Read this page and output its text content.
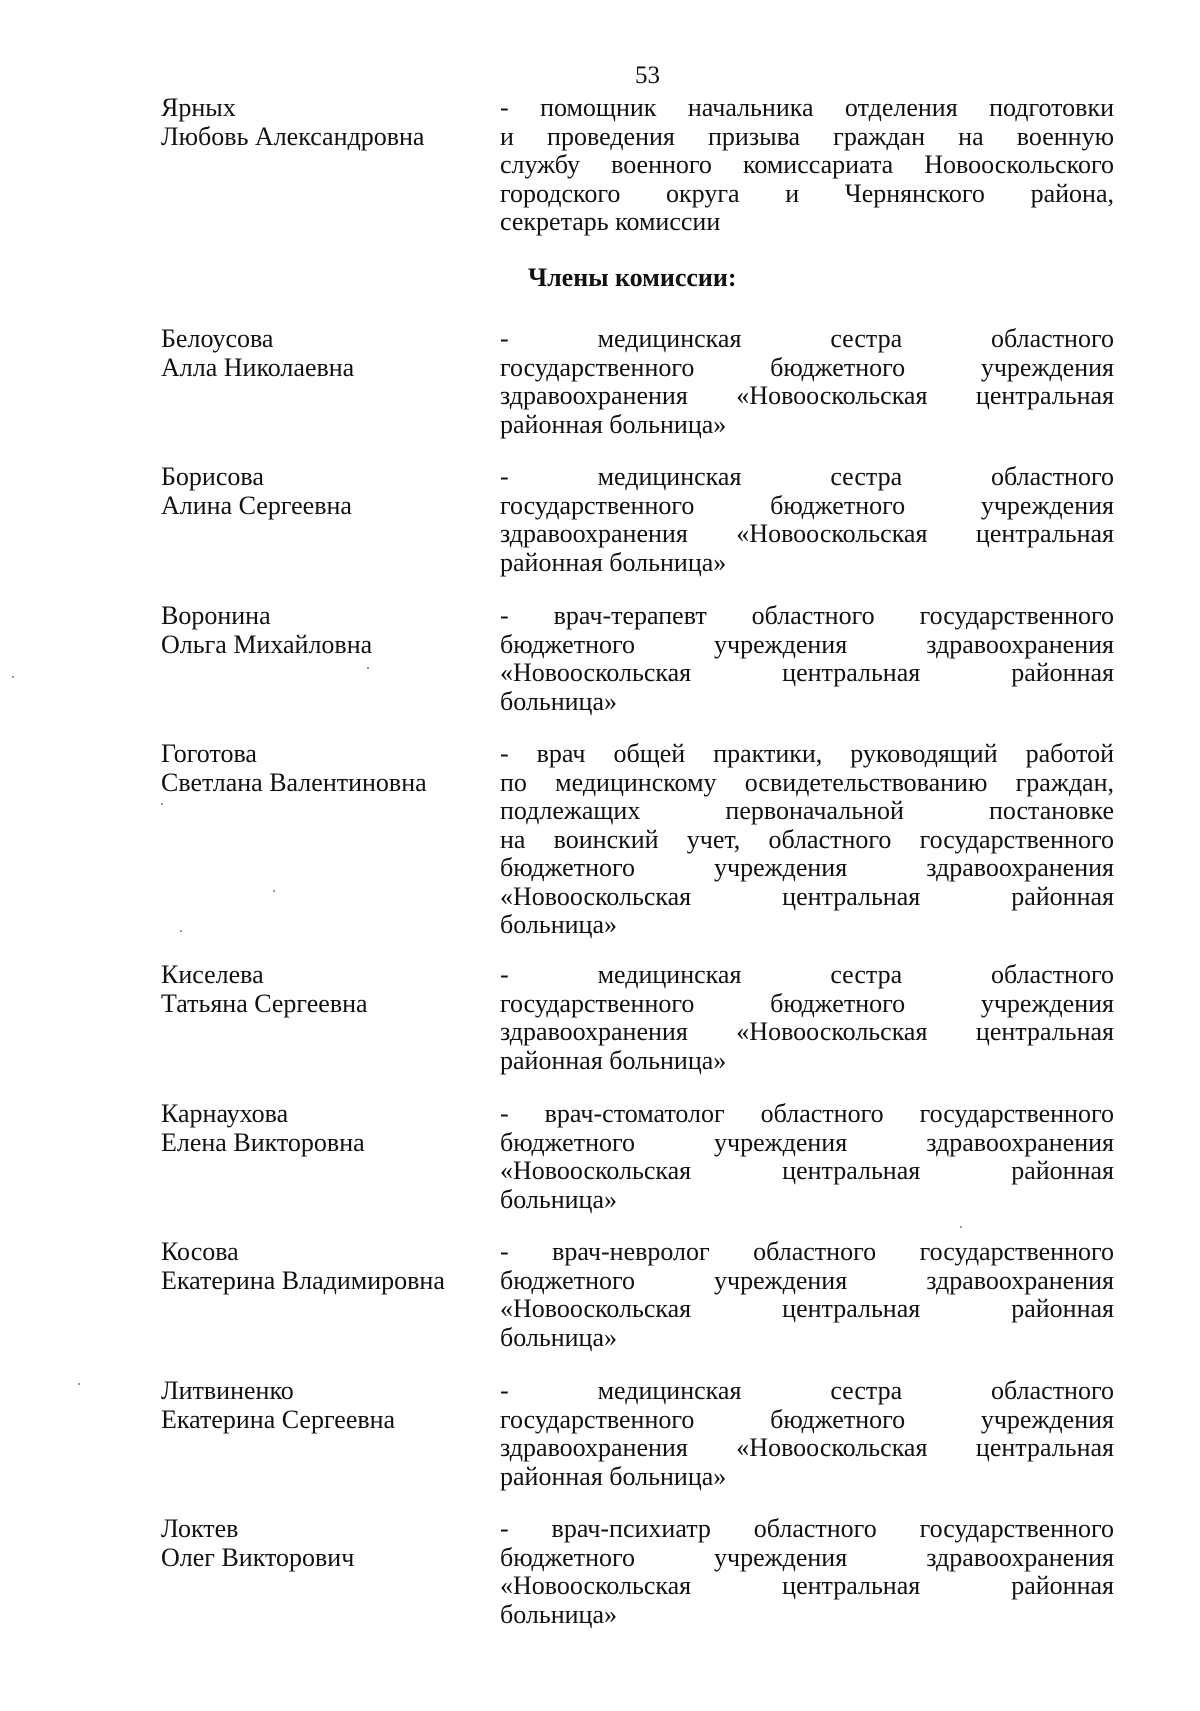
53
Ярных
Любовь Александровна
- помощник начальника отделения подготовки
и проведения призыва граждан на военную
службу военного комиссариата Новооскольского
городского округа и Чернянского района,
секретарь комиссии
Члены комиссии:
Белоусова
Алла Николаевна
- медицинская сестра областного
государственного бюджетного учреждения
здравоохранения «Новооскольская центральная
районная больница»
Борисова
Алина Сергеевна
- медицинская сестра областного
государственного бюджетного учреждения
здравоохранения «Новооскольская центральная
районная больница»
Воронина
Ольга Михайловна
- врач-терапевт областного государственного
бюджетного учреждения здравоохранения
«Новооскольская центральная районная
больница»
Гоготова
Светлана Валентиновна
- врач общей практики, руководящий работой
по медицинскому освидетельствованию граждан,
подлежащих первоначальной постановке
на воинский учет, областного государственного
бюджетного учреждения здравоохранения
«Новооскольская центральная районная
больница»
Киселева
Татьяна Сергеевна
- медицинская сестра областного
государственного бюджетного учреждения
здравоохранения «Новооскольская центральная
районная больница»
Карнаухова
Елена Викторовна
- врач-стоматолог областного государственного
бюджетного учреждения здравоохранения
«Новооскольская центральная районная
больница»
Косова
Екатерина Владимировна
- врач-невролог областного государственного
бюджетного учреждения здравоохранения
«Новооскольская центральная районная
больница»
Литвиненко
Екатерина Сергеевна
- медицинская сестра областного
государственного бюджетного учреждения
здравоохранения «Новооскольская центральная
районная больница»
Локтев
Олег Викторович
- врач-психиатр областного государственного
бюджетного учреждения здравоохранения
«Новооскольская центральная районная
больница»
